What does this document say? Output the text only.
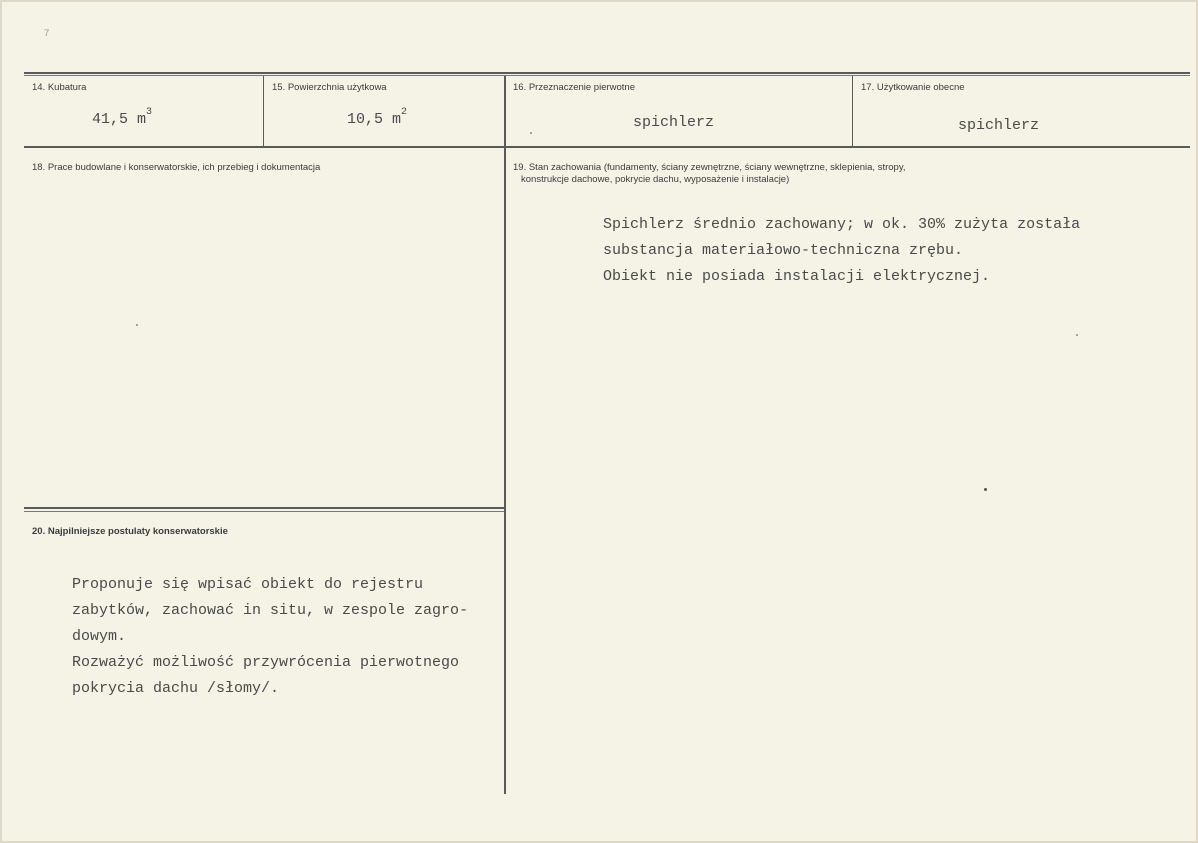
7
14. Kubatura
41,5 $m^3$
15. Powierzchnia użytkowa
10,5 $m^2$
16. Przeznaczenie pierwotne
spichlerz
17. Użytkowanie obecne
spichlerz
18. Prace budowlane i konserwatorskie, ich przebieg i dokumentacja	19. Stan zachowania (fundamenty, ściany zewnętrzne, ściany wewnętrzne, sklepienia, stropy,
konstrukcje dachowe, pokrycie dachu, wyposażenie i instalacje)
Spichlerz średnio zachowany; w ok. 30% zużyta została
substancja materiałowo-techniczna zrębu.
Obiekt nie posiada instalacji elektrycznej.
20. Najpilniejsze postulaty konserwatorskie
Proponuje się wpisać obiekt do rejestru
zabytków, zachować in situ, w zespole zagro-
dowym.
Rozważyć możliwość przywrócenia pierwotnego
pokrycia dachu /słomy/.
